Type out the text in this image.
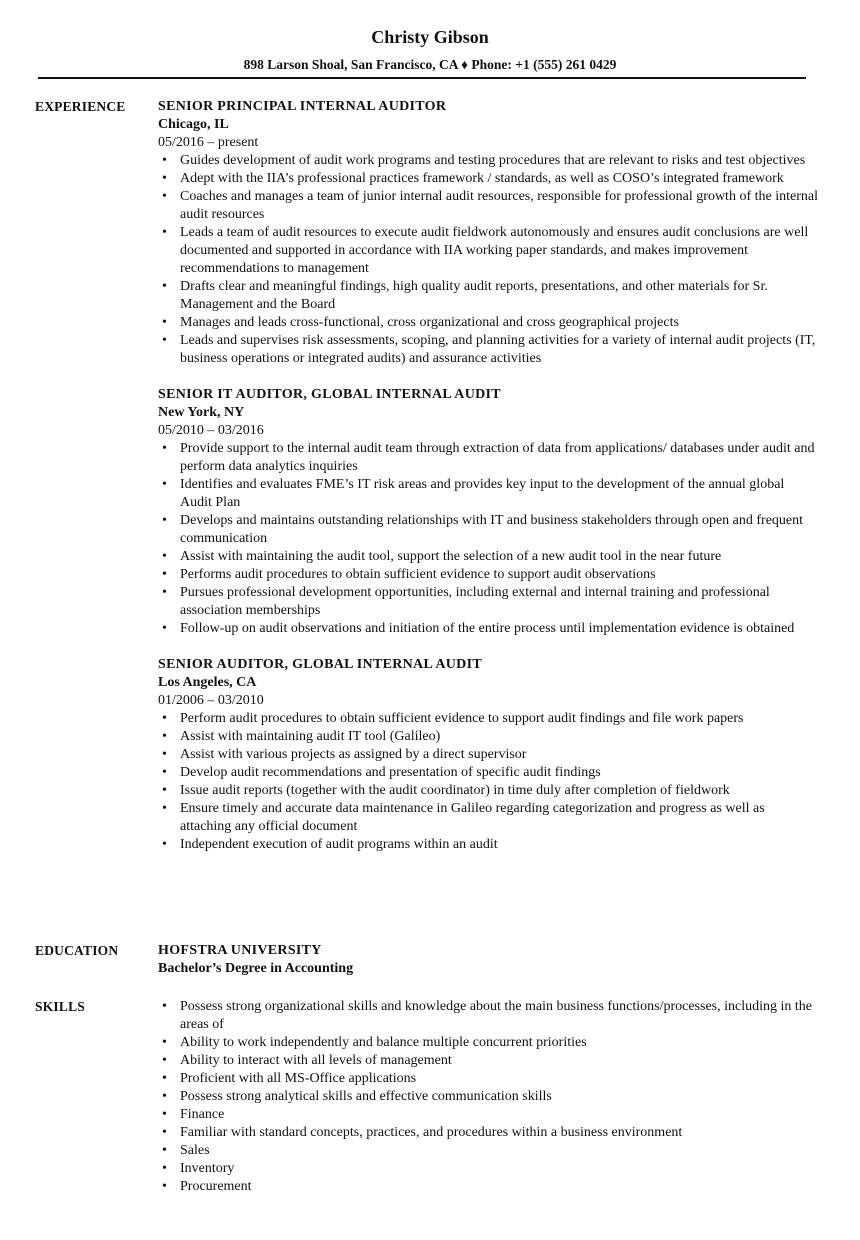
Christy Gibson
898 Larson Shoal, San Francisco, CA ♦ Phone: +1 (555) 261 0429
EXPERIENCE SENIOR PRINCIPAL INTERNAL AUDITOR
Chicago, IL
05/2016 – present
• Guides development of audit work programs and testing procedures that are relevant to risks and test objectives
• Adept with the IIA’s professional practices framework / standards, as well as COSO’s integrated framework
• Coaches and manages a team of junior internal audit resources, responsible for professional growth of the internal audit resources
• Leads a team of audit resources to execute audit fieldwork autonomously and ensures audit conclusions are well documented and supported in accordance with IIA working paper standards, and makes improvement recommendations to management
• Drafts clear and meaningful findings, high quality audit reports, presentations, and other materials for Sr. Management and the Board
• Manages and leads cross-functional, cross organizational and cross geographical projects
• Leads and supervises risk assessments, scoping, and planning activities for a variety of internal audit projects (IT, business operations or integrated audits) and assurance activities
SENIOR IT AUDITOR, GLOBAL INTERNAL AUDIT
New York, NY
05/2010 – 03/2016
• Provide support to the internal audit team through extraction of data from applications/ databases under audit and perform data analytics inquiries
• Identifies and evaluates FME’s IT risk areas and provides key input to the development of the annual global Audit Plan
• Develops and maintains outstanding relationships with IT and business stakeholders through open and frequent communication
• Assist with maintaining the audit tool, support the selection of a new audit tool in the near future
• Performs audit procedures to obtain sufficient evidence to support audit observations
• Pursues professional development opportunities, including external and internal training and professional association memberships
• Follow-up on audit observations and initiation of the entire process until implementation evidence is obtained
SENIOR AUDITOR, GLOBAL INTERNAL AUDIT
Los Angeles, CA
01/2006 – 03/2010
• Perform audit procedures to obtain sufficient evidence to support audit findings and file work papers
• Assist with maintaining audit IT tool (Galileo)
• Assist with various projects as assigned by a direct supervisor
• Develop audit recommendations and presentation of specific audit findings
• Issue audit reports (together with the audit coordinator) in time duly after completion of fieldwork
• Ensure timely and accurate data maintenance in Galileo regarding categorization and progress as well as attaching any official document
• Independent execution of audit programs within an audit
EDUCATION	HOFSTRA UNIVERSITY
Bachelor’s Degree in Accounting
SKILLS
•	Possess strong organizational skills and knowledge about the main business functions/processes, including in the areas of
• Ability to work independently and balance multiple concurrent priorities
• Ability to interact with all levels of management
• Proficient with all MS-Office applications
• Possess strong analytical skills and effective communication skills
• Finance
• Familiar with standard concepts, practices, and procedures within a business environment
• Sales
• Inventory
• Procurement
